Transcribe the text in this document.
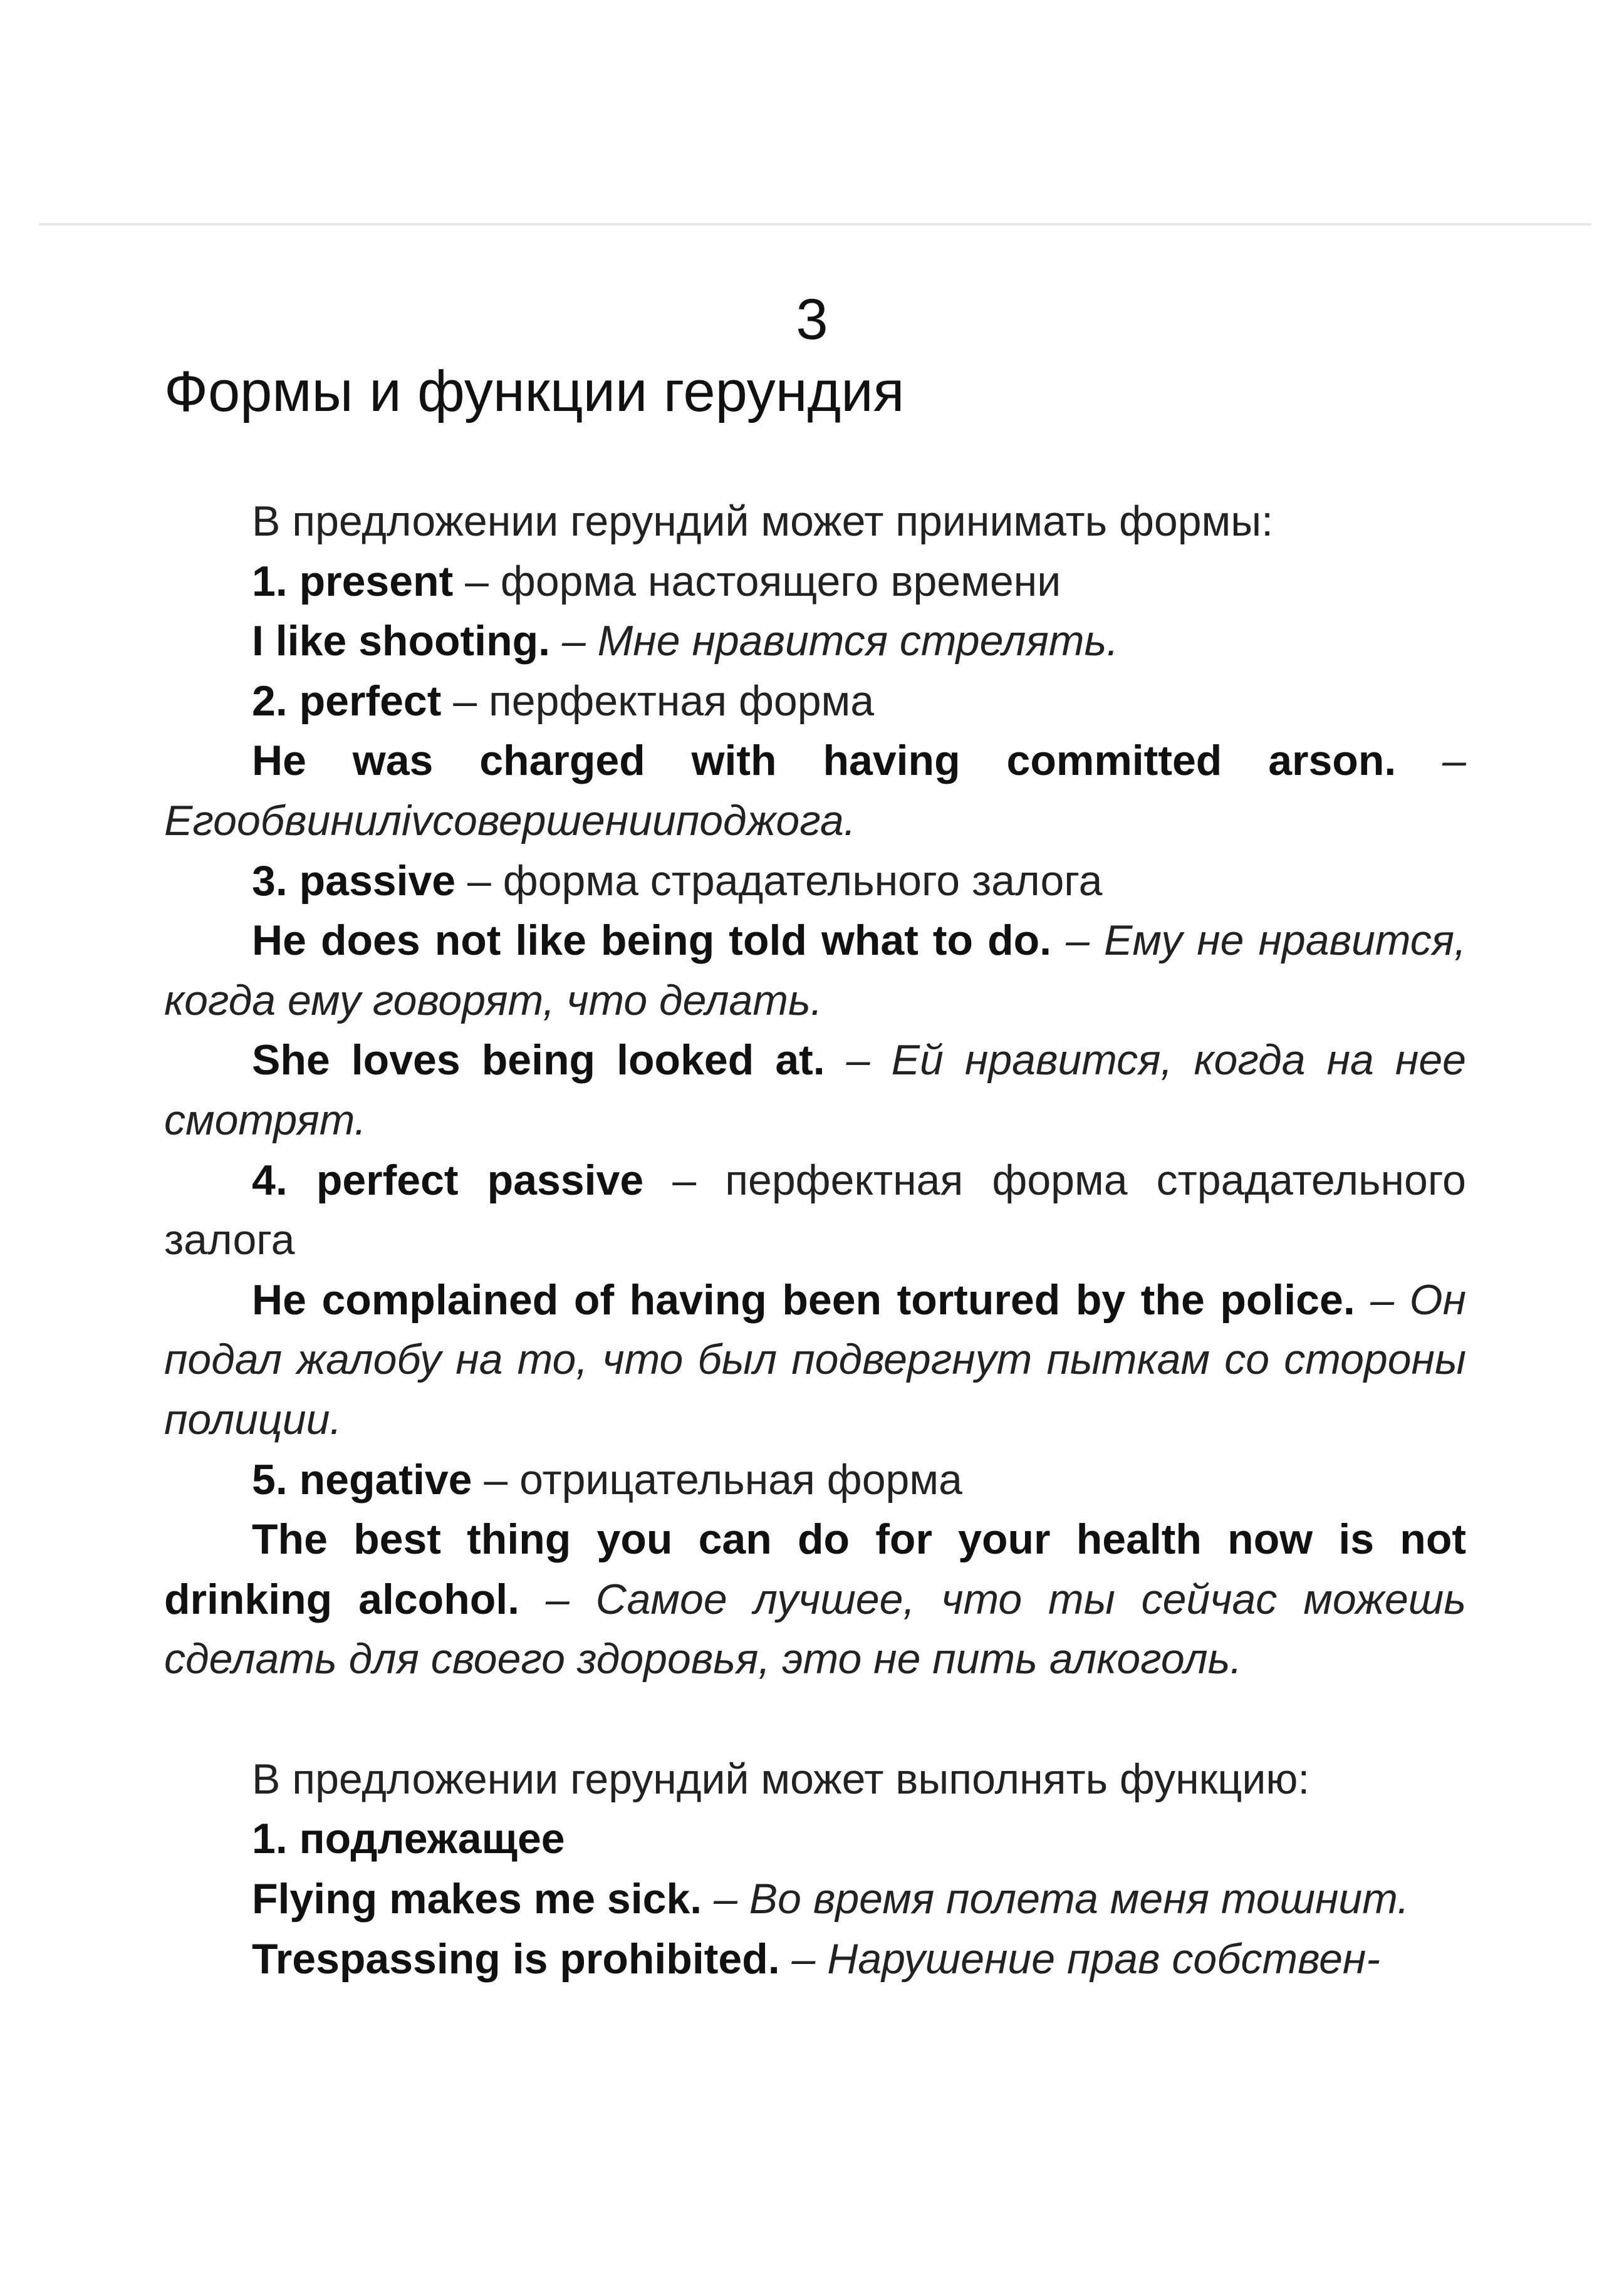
3
Формы и функции герундия

В предложении герундий может принимать формы:

1. present – форма настоящего времени

I like shooting. – Мне нравится стрелять.

2. perfect – перфектная форма

He was charged with having committed arson. – Егообвинилivсовершенииподжога.

3. passive – форма страдательного залога

He does not like being told what to do. – Ему не нравится, когда ему говорят, что делать.

She loves being looked at. – Ей нравится, когда на нее смотрят.

4. perfect passive – перфектная форма страдательного залога

He complained of having been tortured by the police. – Он подал жалобу на то, что был подвергнут пыткам со стороны полиции.

5. negative – отрицательная форма

The best thing you can do for your health now is not drinking alcohol. – Самое лучшее, что ты сейчас можешь сделать для своего здоровья, это не пить алкоголь.

В предложении герундий может выполнять функцию:

1. подлежащее

Flying makes me sick. – Во время полета меня тошнит.

Trespassing is prohibited. – Нарушение прав собствен-
